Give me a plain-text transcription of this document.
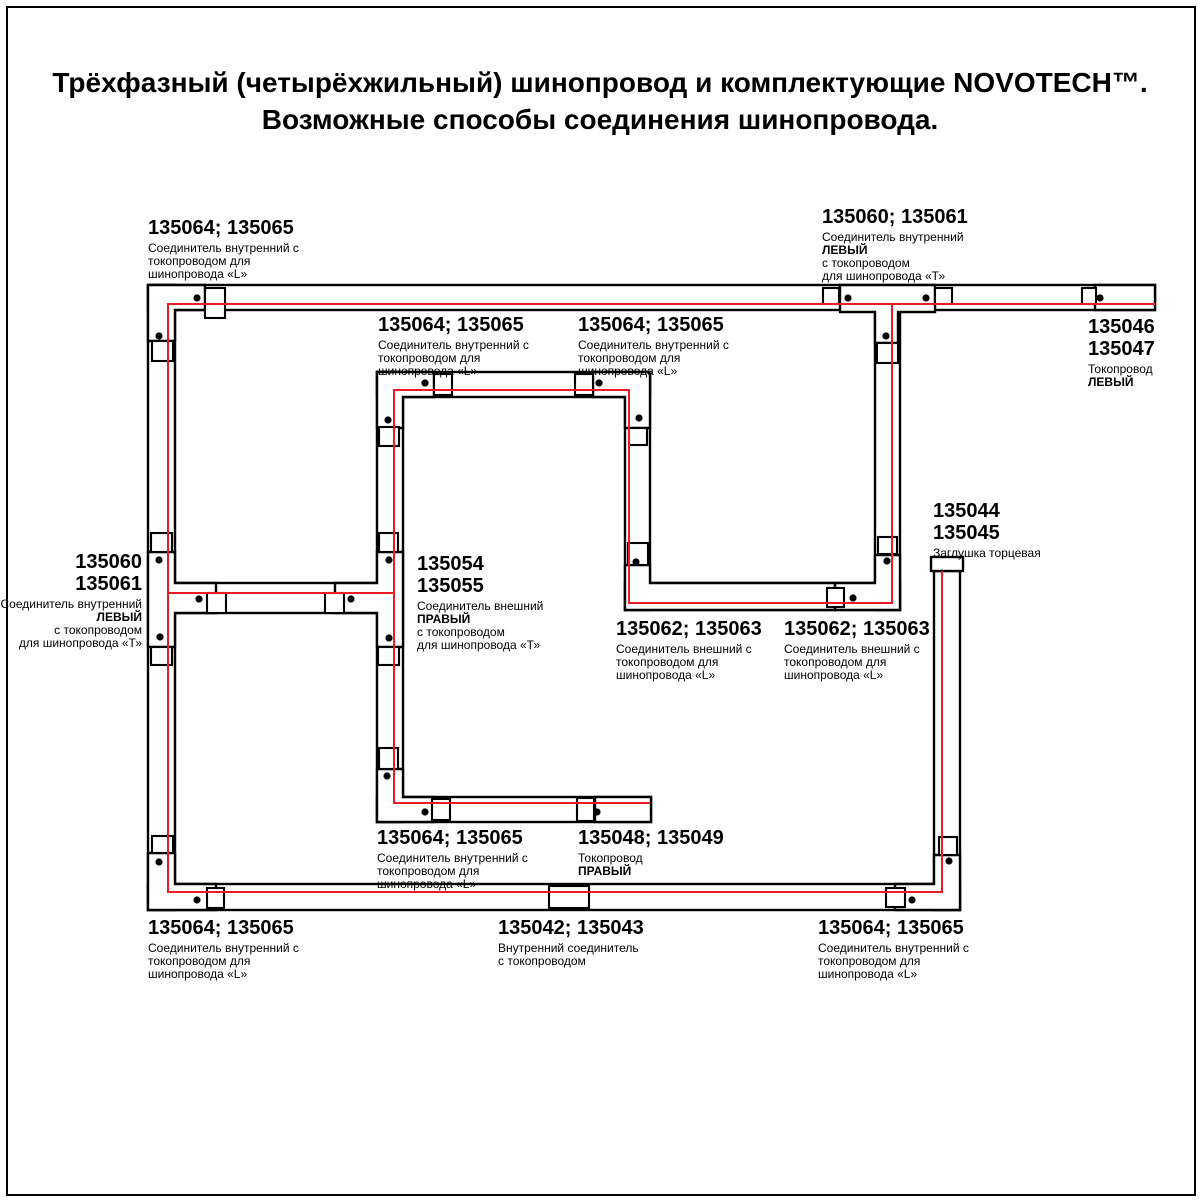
Трёхфазный (четырёхжильный) шинопровод и комплектующие NOVOTECH™.
Возможные способы соединения шинопровода.
135064; 135065
Соединитель внутренний с
токопроводом для
шинопровода «L»
135064; 135065
Соединитель внутренний с
токопроводом для
шинопровода «L»
135064; 135065
Соединитель внутренний с
токопроводом для
шинопровода «L»
135060; 135061
Соединитель внутренний
ЛЕВЫЙ
с токопроводом
для шинопровода «Т»
135046
135047
Токопровод
ЛЕВЫЙ
135060
135061
Соединитель внутренний
ЛЕВЫЙ
с токопроводом
для шинопровода «Т»
135054
135055
Соединитель внешний
ПРАВЫЙ
с токопроводом
для шинопровода «Т»
135062; 135063
Соединитель внешний с
токопроводом для
шинопровода «L»
135062; 135063
Соединитель внешний с
токопроводом для
шинопровода «L»
135044
135045
Заглушка торцевая
135064; 135065
Соединитель внутренний с
токопроводом для
шинопровода «L»
135048; 135049
Токопровод
ПРАВЫЙ
135064; 135065
Соединитель внутренний с
токопроводом для
шинопровода «L»
135042; 135043
Внутренний соединитель
с токопроводом
135064; 135065
Соединитель внутренний с
токопроводом для
шинопровода «L»
